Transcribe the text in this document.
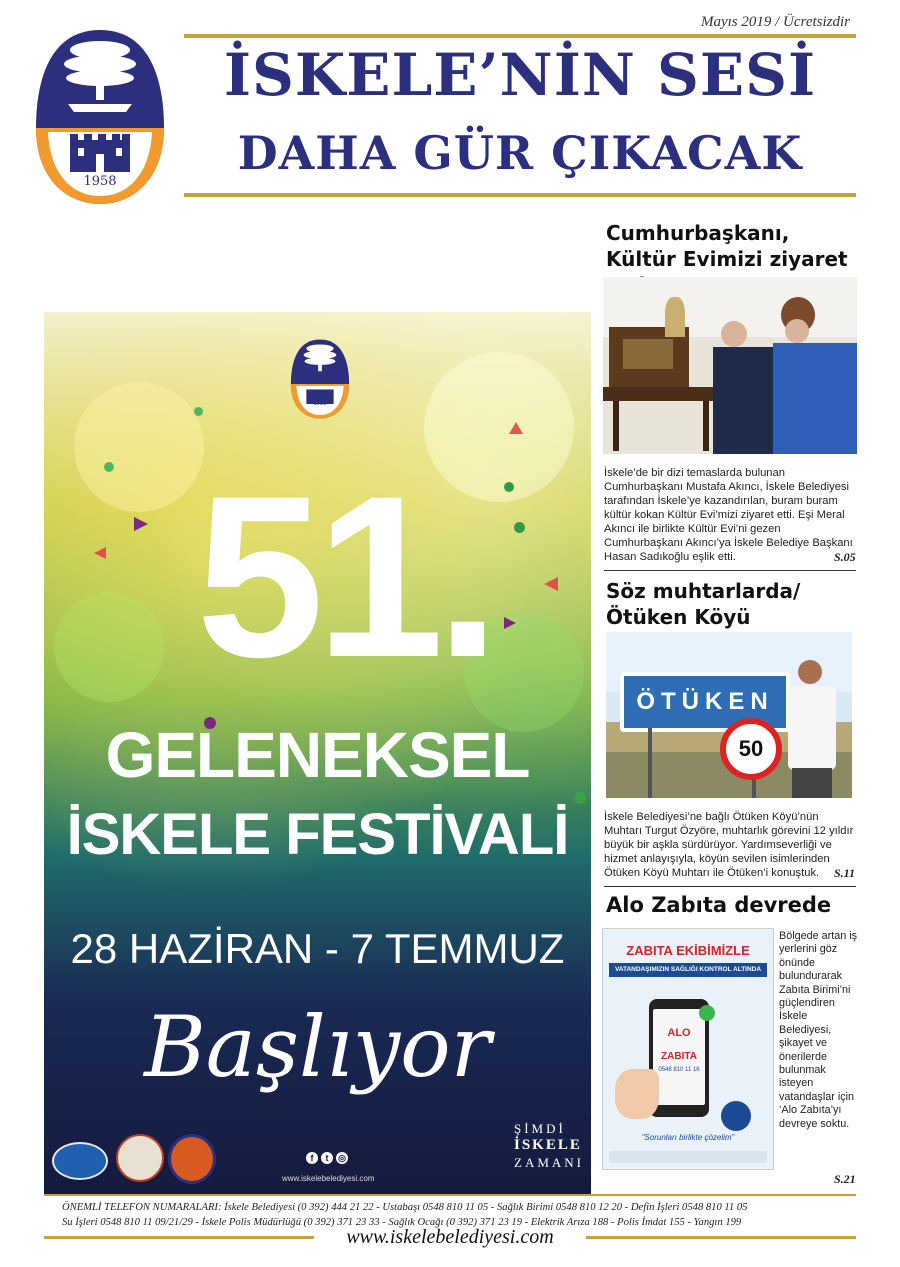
Mayıs 2019 / Ücretsizdir
1958
İSKELE’NİN SESİ
DAHA GÜR ÇIKACAK
1958
51.
GELENEKSEL
İSKELE FESTİVALİ
28 HAZİRAN - 7 TEMMUZ
Başlıyor
f t ◎
www.iskelebelediyesi.com
ŞİMDİ
İSKELE
ZAMANI
Cumhurbaşkanı, Kültür Evimizi ziyaret
İskele’de bir dizi temaslarda bulunan Cumhurbaşkanı Mustafa Akıncı, İskele Belediyesi tarafından İskele’ye kazandırılan, buram buram kültür kokan Kültür Evi’mizi ziyaret etti. Eşi Meral Akıncı ile birlikte Kültür Evi’ni gezen Cumhurbaşkanı Akıncı’ya İskele Belediye Başkanı Hasan Sadıkoğlu eşlik etti.	S.05
Söz muhtarlarda/ Ötüken Köyü
ÖTÜKEN
50
İskele Belediyesi’ne bağlı Ötüken Köyü’nün Muhtarı Turgut Özyöre, muhtarlık görevini 12 yıldır büyük bir aşkla sürdürüyor. Yardımseverliği ve hizmet anlayışıyla, köyün sevilen isimlerinden Ötüken Köyü Muhtarı ile Ötüken’i konuştuk.	S.11
Alo Zabıta devrede
ZABITA EKİBİMİZLE
VATANDAŞIMIZIN SAĞLIĞI KONTROL ALTINDA
ALO
ZABITA
0548 810 11 16
"Sorunları birlikte çözelim"
Bölgede artan iş yerlerini göz önünde bulundurarak Zabıta Birimi’ni güçlendiren İskele Belediyesi, şikayet ve önerilerde bulunmak isteyen vatandaşlar için ‘Alo Zabıta’yı devreye soktu.
S.21
ÖNEMLİ TELEFON NUMARALARI: İskele Belediyesi (0 392) 444 21 22 - Ustabaşı 0548 810 11 05 - Sağlık Birimi 0548 810 12 20 - Defin İşleri 0548 810 11 05
Su İşleri 0548 810 11 09/21/29 - İskele Polis Müdürlüğü (0 392) 371 23 33 - Sağlık Ocağı (0 392) 371 23 19 - Elektrik Arıza 188 - Polis İmdat 155 - Yangın 199
www.iskelebelediyesi.com
